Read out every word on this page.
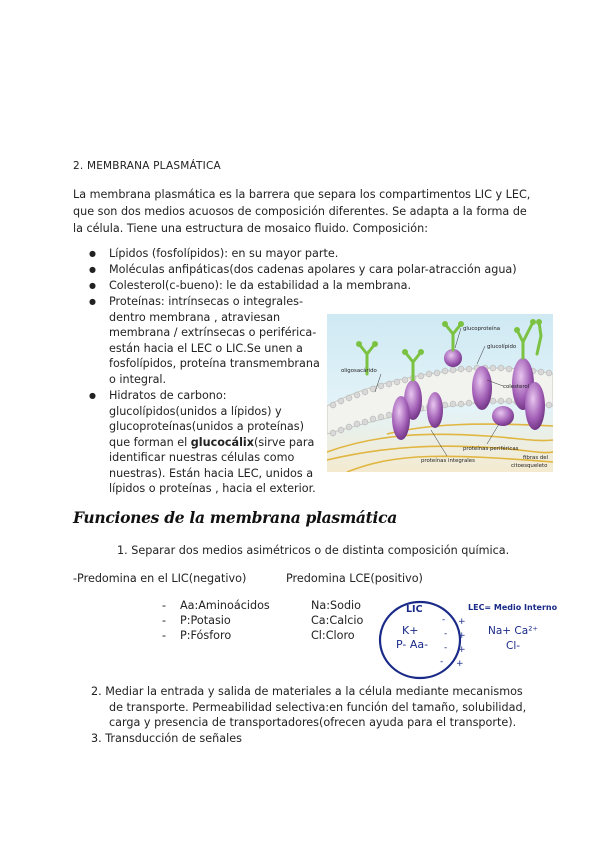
2. MEMBRANA PLASMÁTICA
La membrana plasmática es la barrera que separa los compartimentos LIC y LEC,
que son dos medios acuosos de composición diferentes. Se adapta a la forma de
la célula. Tiene una estructura de mosaico fluido. Composición:
● Lípidos (fosfolípidos): en su mayor parte.
● Moléculas anfipáticas(dos cadenas apolares y cara polar-atracción agua)
● Colesterol(c-bueno): le da estabilidad a la membrana.
● Proteínas: intrínsecas o integrales-
dentro membrana , atraviesan
membrana / extrínsecas o periférica-
están hacia el LEC o LIC.Se unen a
fosfolípidos, proteína transmembrana
o integral.
● Hidratos de carbono:
glucolípidos(unidos a lípidos) y
glucoproteínas(unidos a proteínas)
que forman el glucocálix(sirve para
identificar nuestras células como
nuestras). Están hacia LEC, unidos a
lípidos o proteínas , hacia el exterior.
glucoproteína
glucolípido
oligosacárido
colesterol
proteínas periféricas
proteínas integrales	fibras del
citoesqueleto
Funciones de la membrana plasmática
1. Separar dos medios asimétricos o de distinta composición química.
-Predomina en el LIC(negativo)	Predomina LCE(positivo)
- Aa:Aminoácidos
- P:Potasio
- P:Fósforo
Na:Sodio
Ca:Calcio
Cl:Cloro
LIC
K+
P- Aa-
-
-
-
-
+
+
+
+
LEC= Medio Interno
Na+ Ca²⁺
Cl-
2. Mediar la entrada y salida de materiales a la célula mediante mecanismos
de transporte. Permeabilidad selectiva:en función del tamaño, solubilidad,
carga y presencia de transportadores(ofrecen ayuda para el transporte).
3. Transducción de señales
